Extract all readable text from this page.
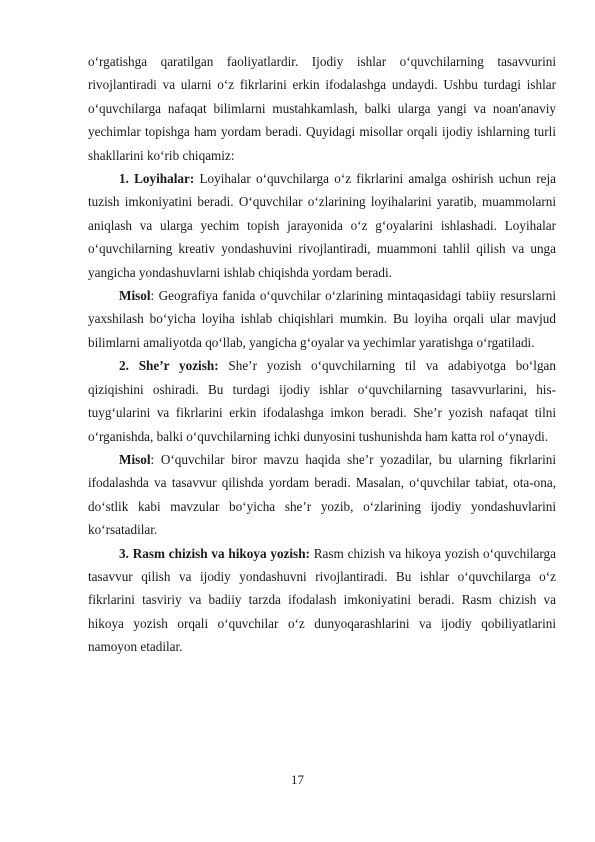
o‘rgatishga qaratilgan faoliyatlardir. Ijodiy ishlar o‘quvchilarning tasavvurini rivojlantiradi va ularni o‘z fikrlarini erkin ifodalashga undaydi. Ushbu turdagi ishlar o‘quvchilarga nafaqat bilimlarni mustahkamlash, balki ularga yangi va noan'anaviy yechimlar topishga ham yordam beradi. Quyidagi misollar orqali ijodiy ishlarning turli shakllarini ko‘rib chiqamiz:

1. Loyihalar: Loyihalar o‘quvchilarga o‘z fikrlarini amalga oshirish uchun reja tuzish imkoniyatini beradi. O‘quvchilar o‘zlarining loyihalarini yaratib, muammolarni aniqlash va ularga yechim topish jarayonida o‘z g‘oyalarini ishlashadi. Loyihalar o‘quvchilarning kreativ yondashuvini rivojlantiradi, muammoni tahlil qilish va unga yangicha yondashuvlarni ishlab chiqishda yordam beradi.

Misol: Geografiya fanida o‘quvchilar o‘zlarining mintaqasidagi tabiiy resurslarni yaxshilash bo‘yicha loyiha ishlab chiqishlari mumkin. Bu loyiha orqali ular mavjud bilimlarni amaliyotda qo‘llab, yangicha g‘oyalar va yechimlar yaratishga o‘rgatiladi.

2. She’r yozish: She’r yozish o‘quvchilarning til va adabiyotga bo‘lgan qiziqishini oshiradi. Bu turdagi ijodiy ishlar o‘quvchilarning tasavvurlarini, his-tuyg‘ularini va fikrlarini erkin ifodalashga imkon beradi. She’r yozish nafaqat tilni o‘rganishda, balki o‘quvchilarning ichki dunyosini tushunishda ham katta rol o‘ynaydi.

Misol: O‘quvchilar biror mavzu haqida she’r yozadilar, bu ularning fikrlarini ifodalashda va tasavvur qilishda yordam beradi. Masalan, o‘quvchilar tabiat, ota-ona, do‘stlik kabi mavzular bo‘yicha she’r yozib, o‘zlarining ijodiy yondashuvlarini ko‘rsatadilar.

3. Rasm chizish va hikoya yozish: Rasm chizish va hikoya yozish o‘quvchilarga tasavvur qilish va ijodiy yondashuvni rivojlantiradi. Bu ishlar o‘quvchilarga o‘z fikrlarini tasviriy va badiiy tarzda ifodalash imkoniyatini beradi. Rasm chizish va hikoya yozish orqali o‘quvchilar o‘z dunyoqarashlarini va ijodiy qobiliyatlarini namoyon etadilar.

17
